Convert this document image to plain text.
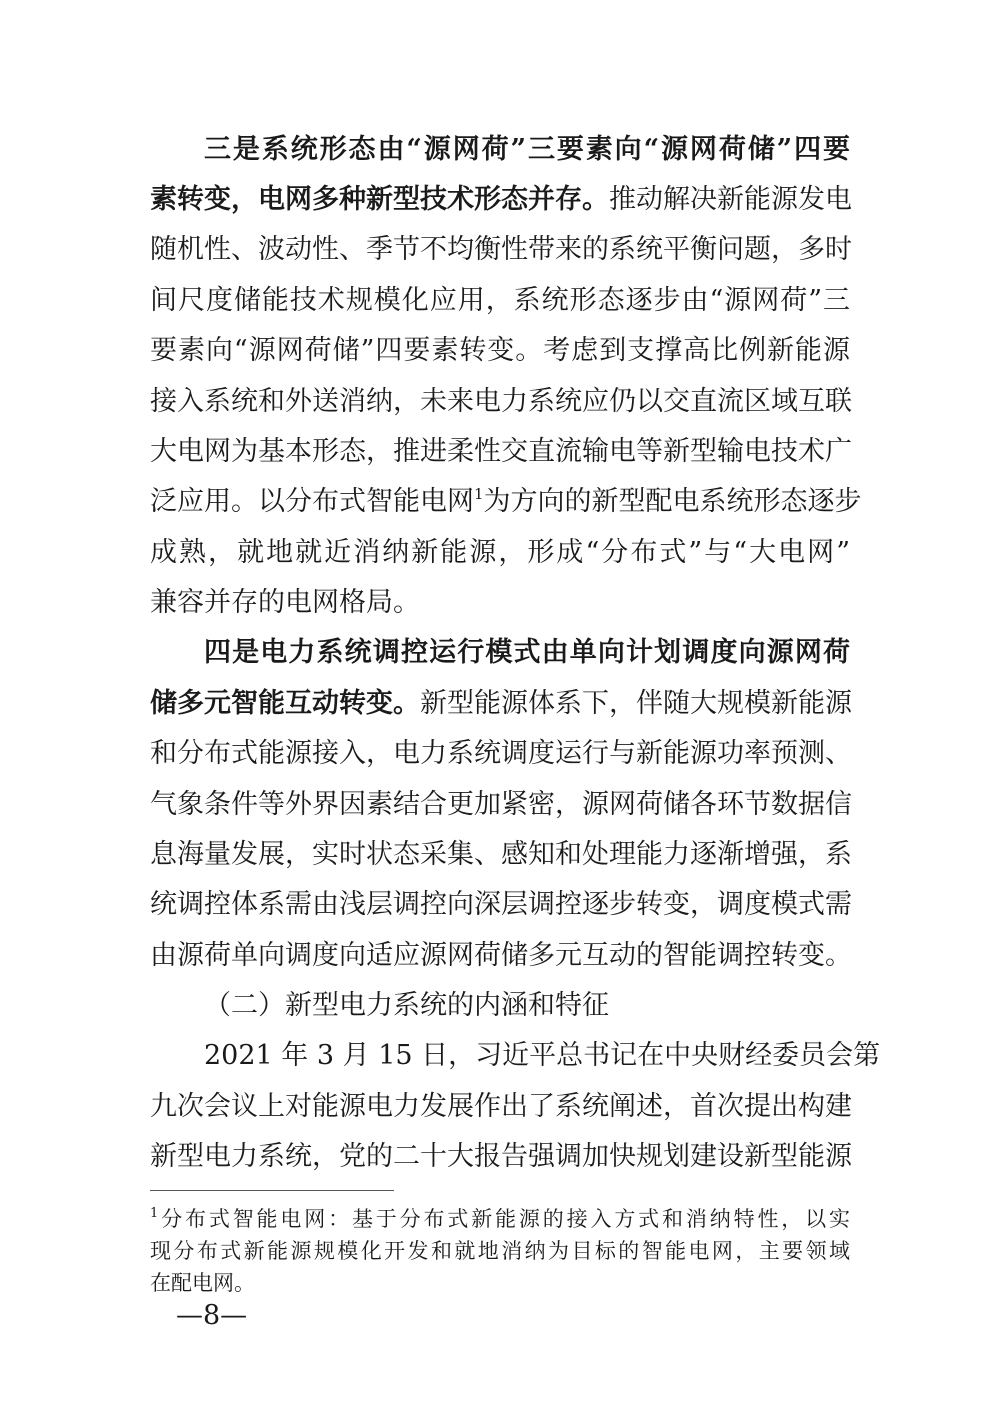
三是系统形态由“源网荷”三要素向“源网荷储”四要
素转变，电网多种新型技术形态并存。推动解决新能源发电
随机性、波动性、季节不均衡性带来的系统平衡问题，多时
间尺度储能技术规模化应用，系统形态逐步由“源网荷”三
要素向“源网荷储”四要素转变。考虑到支撑高比例新能源
接入系统和外送消纳，未来电力系统应仍以交直流区域互联
大电网为基本形态，推进柔性交直流输电等新型输电技术广
泛应用。以分布式智能电网$^1$为方向的新型配电系统形态逐步
成熟，就地就近消纳新能源，形成“分布式”与“大电网”
兼容并存的电网格局。
四是电力系统调控运行模式由单向计划调度向源网荷
储多元智能互动转变。新型能源体系下，伴随大规模新能源
和分布式能源接入，电力系统调度运行与新能源功率预测、
气象条件等外界因素结合更加紧密，源网荷储各环节数据信
息海量发展，实时状态采集、感知和处理能力逐渐增强，系
统调控体系需由浅层调控向深层调控逐步转变，调度模式需
由源荷单向调度向适应源网荷储多元互动的智能调控转变。
（二）新型电力系统的内涵和特征
2021 年 3 月 15 日，习近平总书记在中央财经委员会第
九次会议上对能源电力发展作出了系统阐述，首次提出构建
新型电力系统，党的二十大报告强调加快规划建设新型能源
$^1$分布式智能电网：基于分布式新能源的接入方式和消纳特性，以实
现分布式新能源规模化开发和就地消纳为目标的智能电网，主要领域
在配电网。
—8—
